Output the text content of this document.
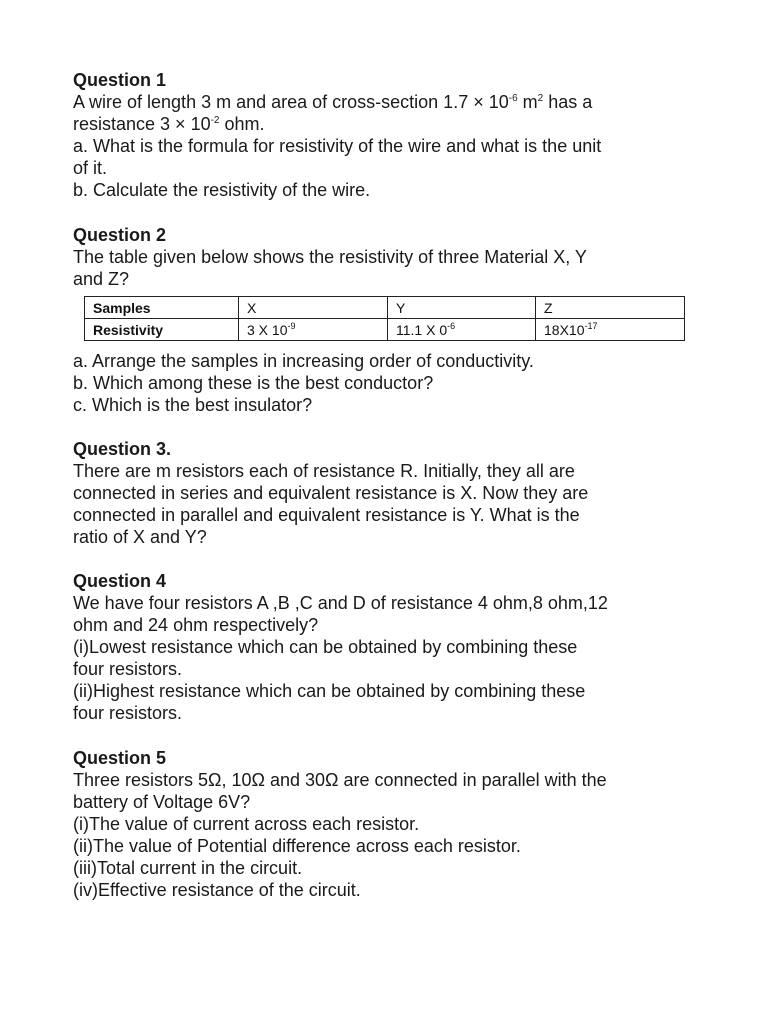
Question 1

A wire of length 3 m and area of cross-section $1.7 \times 10^{-6}$ $m^2$ has a

resistance $3 \times 10^{-2}$ ohm.

a. What is the formula for resistivity of the wire and what is the unit

of it.

b. Calculate the resistivity of the wire.

Question 2

The table given below shows the resistivity of three Material X, Y

and Z?

Samples	X	Y	Z
Resistivity	3 X $10^{-9}$	11.1 X $0^{-6}$	$18X10^{-17}$

a. Arrange the samples in increasing order of conductivity.

b. Which among these is the best conductor?

c. Which is the best insulator?

Question 3.

There are m resistors each of resistance R. Initially, they all are

connected in series and equivalent resistance is X. Now they are

connected in parallel and equivalent resistance is Y. What is the

ratio of X and Y?

Question 4

We have four resistors A ,B ,C and D of resistance 4 ohm,8 ohm,12

ohm and 24 ohm respectively?

(i)Lowest resistance which can be obtained by combining these

four resistors.

(ii)Highest resistance which can be obtained by combining these

four resistors.

Question 5

Three resistors 5Ω, 10Ω and 30Ω are connected in parallel with the

battery of Voltage 6V?

(i)The value of current across each resistor.

(ii)The value of Potential difference across each resistor.

(iii)Total current in the circuit.

(iv)Effective resistance of the circuit.
